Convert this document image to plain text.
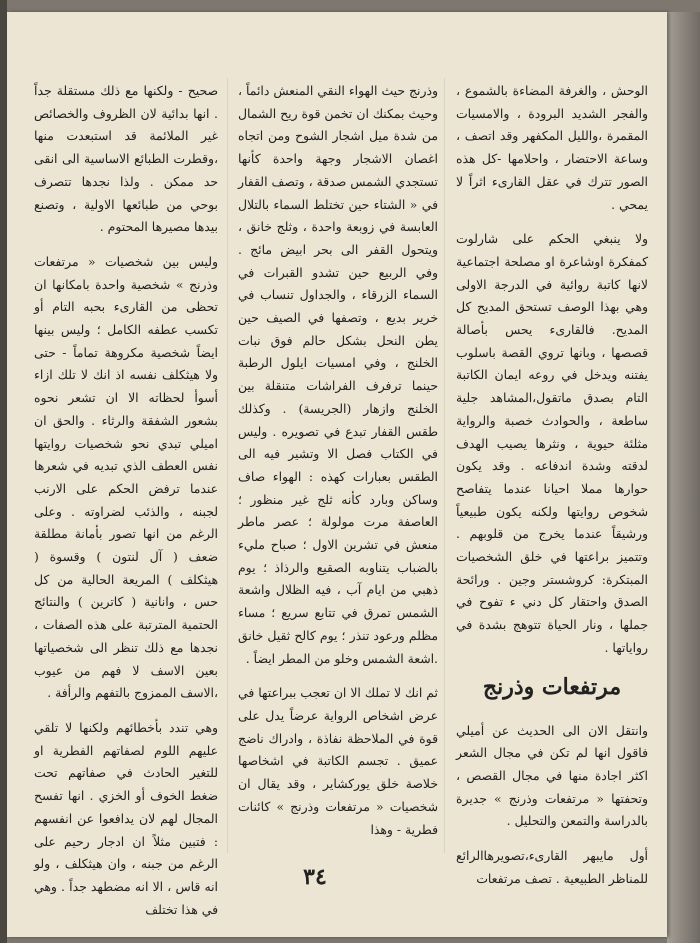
الوحش ، والغرفة المضاءة بالشموع ، والفجر الشديد البرودة ، والامسيات المقمرة ،والليل المكفهر وقد اتصف ، وساعة الاحتضار ، واحلامها -كل هذه الصور تترك في عقل القارىء اثراً لا يمحي .

ولا ينبغي الحكم على شارلوت كمفكرة اوشاعرة او مصلحة اجتماعية لانها كاتبة روائية في الدرجة الاولى وهي بهذا الوصف تستحق المديح كل المديح. فالقارىء يحس بأصالة قصصها ، وبانها تروي القصة باسلوب يفتنه ويدخل في روعه ايمان الكاتبة التام بصدق ماتقول،المشاهد جلية ساطعة ، والحوادث خصبة والرواية مثلئة حيوية ، ونثرها يصيب الهدف لدقته وشدة اندفاعه . وقد يكون حوارها مملا احيانا عندما يتفاصح شخوص روايتها ولكنه يكون طبيعياً ورشيقاً عندما يخرج من قلوبهم . وتتميز براعتها في خلق الشخصيات المبتكرة: كروشستر وجين . ورائحة الصدق واحتقار كل دني ء تفوح في جملها ، ونار الحياة تتوهج بشدة في رواياتها .

مرتفعات وذرنج

وانتقل الان الى الحديث عن أميلي فاقول انها لم تكن في مجال الشعر اكثر اجادة منها في مجال القصص ، وتحفتها « مرتفعات وذرنج » جديرة بالدراسة والتمعن والتحليل .

أول مايبهر القارىء،تصويرهاالرائع للمناظر الطبيعية . تصف مرتفعات

وذرنج حيث الهواء النقي المنعش دائماً ، وحيث بمكنك ان تخمن قوة ريح الشمال من شدة ميل اشجار الشوح ومن اتجاه اغصان الاشجار وجهة واحدة كأنها تستجدي الشمس صدقة ، وتصف القفار في « الشتاء حين تختلط السماء بالتلال العابسة في زوبعة واحدة ، وثلج خانق ، ويتحول القفر الى بحر ابيض مائج . وفي الربيع حين تشدو القبرات في السماء الزرقاء ، والجداول تنساب في خرير بديع ، وتصفها في الصيف حين يطن النحل بشكل حالم فوق نبات الخلنج ، وفي امسيات ايلول الرطبة حينما ترفرف الفراشات متنقلة بين الخلنج وازهار (الجريسة) . وكذلك طقس القفار تبدع في تصويره . وليس في الكتاب فصل الا وتشير فيه الى الطقس بعبارات كهذه : الهواء صاف وساكن وبارد كأنه ثلج غير منظور ؛ العاصفة مرت مولولة ؛ عصر ماطر منعش في تشرين الاول ؛ صباح مليء بالضباب يتناوبه الصقيع والرذاذ ؛ يوم ذهبي من ايام آب ، فيه الظلال واشعة الشمس تمرق في تتابع سريع ؛ مساء مظلم ورعود تنذر ؛ يوم كالح ثقيل خانق .اشعة الشمس وخلو من المطر ايضاً .

ثم انك لا تملك الا ان تعجب ببراعتها في عرض اشخاص الرواية عرضاً يدل على قوة في الملاحظة نفاذة ، وادراك ناضج عميق . تجسم الكاتبة في اشخاصها خلاصة خلق يوركشاير ، وقد يقال ان شخصيات « مرتفعات وذرنج » كائنات فطرية - وهذا

صحيح - ولكنها مع ذلك مستقلة جداً . انها بدائية لان الظروف والخصائص غير الملائمة قد استبعدت منها ،وقطرت الطبائع الاساسية الى انقى حد ممكن . ولذا نجدها تتصرف بوحي من طبائعها الاولية ، وتصنع بيدها مصيرها المحتوم .

وليس بين شخصيات « مرتفعات وذرنج » شخصية واحدة بامكانها ان تحظى من القارىء بحبه التام أو تكسب عطفه الكامل ؛ وليس بينها ايضاً شخصية مكروهة تماماً - حتى ولا هيثكلف نفسه اذ انك لا تلك ازاء أسوأ لحظاته الا ان تشعر نحوه بشعور الشفقة والرثاء . والحق ان اميلي تبدي نحو شخصيات روايتها نفس العطف الذي تبديه في شعرها عندما ترفض الحكم على الارنب لجبنه ، والذئب لضراوته . وعلى الرغم من انها تصور بأمانة مطلقة ضعف ( آل لنتون ) وقسوة ( هيثكلف ) المريعة الحالية من كل حس ، وانانية ( كاترين ) والنتائج الحتمية المترتبة على هذه الصفات ، نجدها مع ذلك تنظر الى شخصياتها بعين الاسف لا فهم من عيوب ،الاسف الممزوج بالتفهم والرأفة .

وهي تندد بأخطائهم ولكنها لا تلقي عليهم اللوم لصفاتهم الفطرية او للتغير الحادث في صفاتهم تحت ضغط الخوف أو الخزي . انها تفسح المجال لهم لان يدافعوا عن انفسهم : فتبين مثلاً ان ادجار رحيم على الرغم من جبنه ، وان هيثكلف ، ولو انه قاس ، الا انه مضطهد جداً . وهي في هذا تختلف

٣٤
